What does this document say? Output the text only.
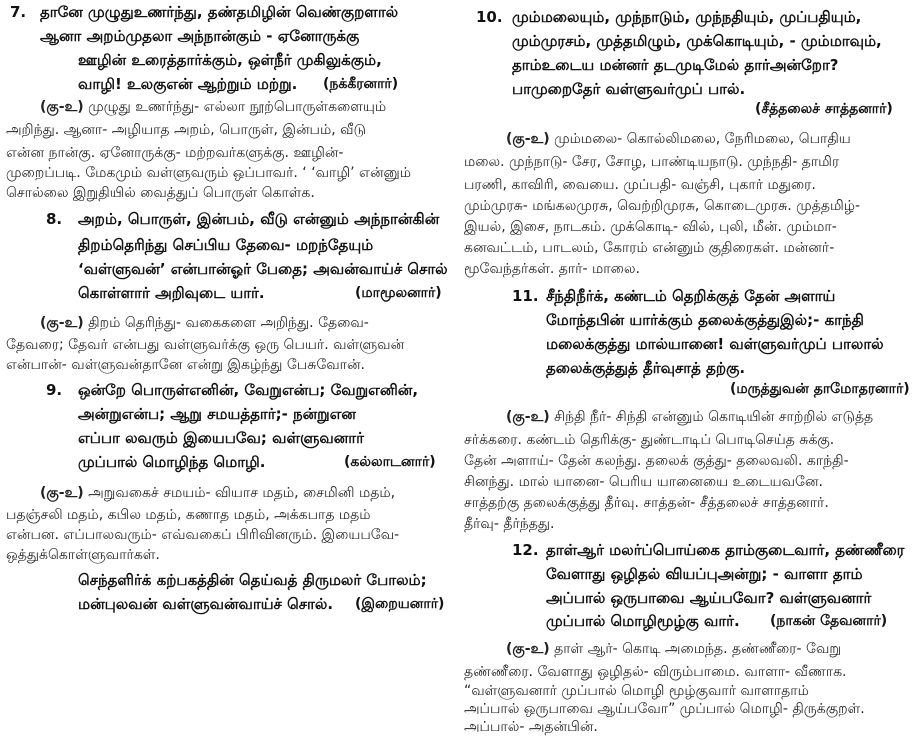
7. தானே முழுதுஉணர்ந்து, தண்தமிழின் வெண்குறளால்
ஆனா அறம்முதலா அந்நான்கும் - ஏனோருக்கு
ஊழின் உரைத்தார்க்கும், ஒள்நீர் முகிலுக்கும்,
வாழி! உலகுஎன் ஆற்றும் மற்று. (நக்கீரனார்)
(கு-உ) முழுது உணர்ந்து- எல்லா நூற்பொருள்களையும்
அறிந்து. ஆனா- அழியாத அறம், பொருள், இன்பம், வீடு
என்ன நான்கு. ஏனோருக்கு- மற்றவர்களுக்கு. ஊழின்-
முறைப்படி. மேகமும் வள்ளுவரும் ஒப்பாவர். ‘ ‘வாழி’ என்னும்
சொல்லை இறுதியில் வைத்துப் பொருள் கொள்க.
8. அறம், பொருள், இன்பம், வீடு என்னும் அந்நான்கின்
திறம்தெரிந்து செப்பிய தேவை- மறந்தேயும்
‘வள்ளுவன்’ என்பான்ஓர் பேதை; அவன்வாய்ச் சொல்
கொள்ளார் அறிவுடை யார்.	(மாமூலனார்)
(கு-உ) திறம் தெரிந்து- வகைகளை அறிந்து. தேவை-
தேவரை; தேவர் என்பது வள்ளுவர்க்கு ஒரு பெயர். வள்ளுவன்
என்பான்- வள்ளுவன்தானே என்று இகழ்ந்து பேசுவோன்.
9. ஒன்றே பொருள்எனின், வேறுஎன்ப; வேறுஎனின்,
அன்றுஎன்ப; ஆறு சமயத்தார்;- நன்றுஎன
எப்பா லவரும் இயைபவே; வள்ளுவனார்
முப்பால் மொழிந்த மொழி.	(கல்லாடனார்)
(கு-உ) அறுவகைச் சமயம்- வியாச மதம், சைமினி மதம்,
பதஞ்சலி மதம், கபில மதம், கணாத மதம், அக்கபாத மதம்
என்பன. எப்பாலவரும்- எவ்வகைப் பிரிவினரும். இயைபவே-
ஒத்துக்கொள்ளுவார்கள்.
செந்தளிர்க் கற்பகத்தின் தெய்வத் திருமலர் போலம்;
மன்புலவன் வள்ளுவன்வாய்ச் சொல். (இறையனார்)
10. மும்மலையும், முந்நாடும், முந்நதியும், முப்பதியும்,
மும்முரசம், முத்தமிழும், முக்கொடியும், - மும்மாவும்,
தாம்உடைய மன்னர் தடமுடிமேல் தார்அன்றோ?
பாமுறைதேர் வள்ளுவர்முப் பால்.
(சீத்தலைச் சாத்தனார்)
(கு-உ) மும்மலை- கொல்லிமலை, நேரிமலை, பொதிய
மலை. முந்நாடு- சேர, சோழ, பாண்டியநாடு. முந்நதி- தாமிர
பரணி, காவிரி, வையை. முப்பதி- வஞ்சி, புகார் மதுரை.
மும்முரசு- மங்கலமுரசு, வெற்றிமுரசு, கொடைமுரசு. முத்தமிழ்-
இயல், இசை, நாடகம். முக்கொடி- வில், புலி, மீன். மும்மா-
கனவட்டம், பாடலம், கோரம் என்னும் குதிரைகள். மன்னர்-
மூவேந்தர்கள். தார்- மாலை.
11. சீந்திநீர்க், கண்டம் தெறிக்குத் தேன் அளாய்
மோந்தபின் யார்க்கும் தலைக்குத்துஇல்;- காந்தி
மலைக்குத்து மால்யானை! வள்ளுவர்முப் பாலால்
தலைக்குத்துத் தீர்வுசாத் தற்கு.
(மருத்துவன் தாமோதரனார்)
(கு-உ) சிந்தி நீர்- சிந்தி என்னும் கொடியின் சாற்றில் எடுத்த
சர்க்கரை. கண்டம் தெரிக்கு- துண்டாடிப் பொடிசெய்த சுக்கு.
தேன் அளாய்- தேன் கலந்து. தலைக் குத்து- தலைவலி. காந்தி-
சினந்து. மால் யானை- பெரிய யானையை உடையவனே.
சாத்தற்கு தலைக்குத்து தீர்வு. சாத்தன்- சீத்தலைச் சாத்தனார்.
தீர்வு- தீர்ந்தது.
12. தாள்ஆர் மலர்ப்பொய்கை தாம்குடைவார், தண்ணீரை
வேளாது ஒழிதல் வியப்புஅன்று; - வாளா தாம்
அப்பால் ஒருபாவை ஆய்பவோ? வள்ளுவனார்
முப்பால் மொழிமூழ்கு வார். (நாகன் தேவனார்)
(கு-உ) தாள் ஆர்- கொடி அமைந்த. தண்ணீரை- வேறு
தண்ணீரை. வேளாது ஒழிதல்- விரும்பாமை. வாளா- வீணாக.
“வள்ளுவனார் முப்பால் மொழி மூழ்குவார் வாளாதாம்
அப்பால் ஒருபாவை ஆய்பவோ” முப்பால் மொழி- திருக்குறள்.
அப்பால்- அதன்பின்.
